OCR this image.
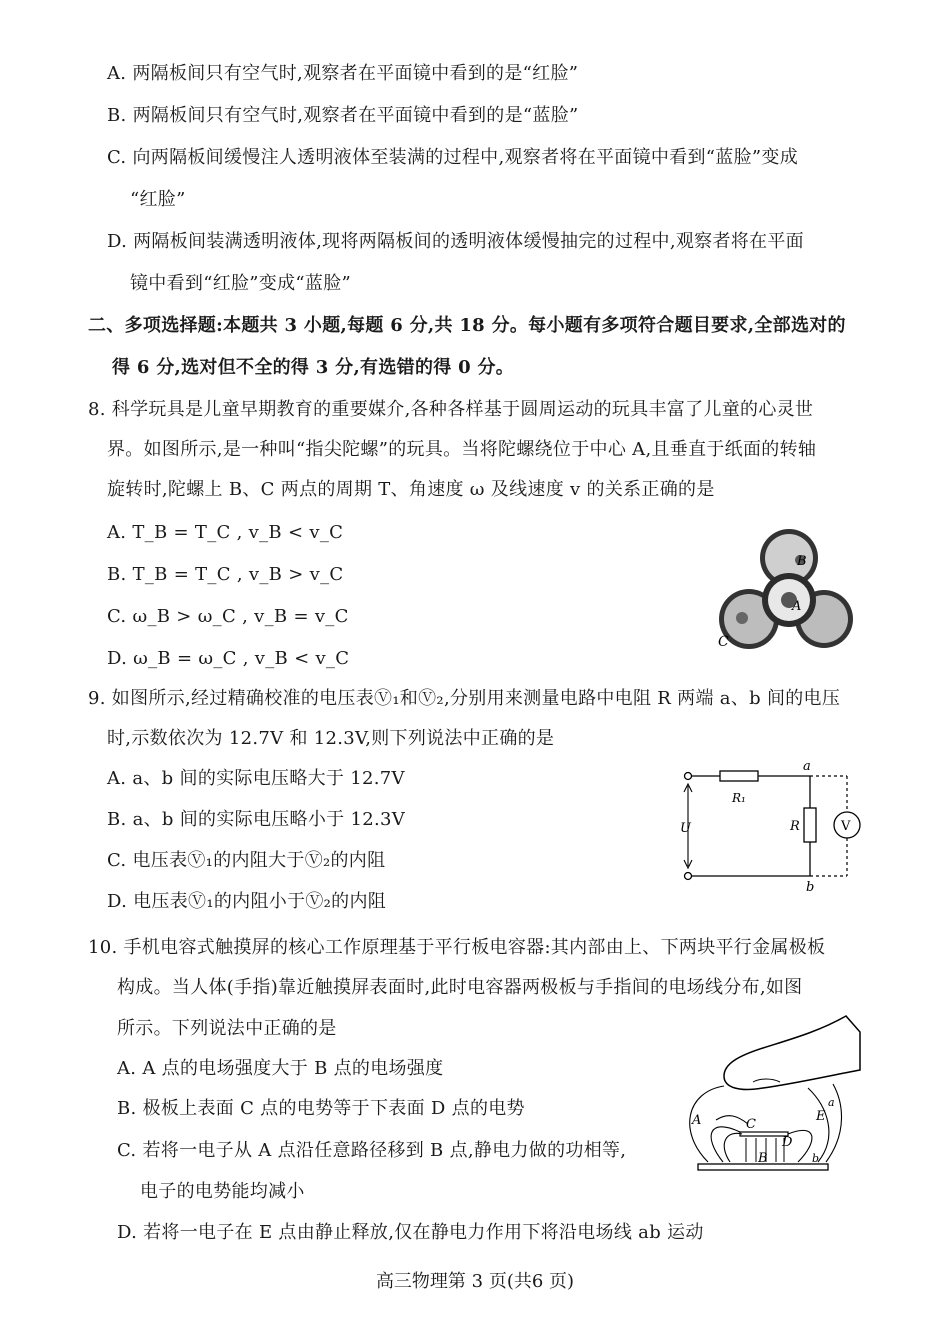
A. 两隔板间只有空气时,观察者在平面镜中看到的是“红脸”
B. 两隔板间只有空气时,观察者在平面镜中看到的是“蓝脸”
C. 向两隔板间缓慢注人透明液体至装满的过程中,观察者将在平面镜中看到“蓝脸”变成
“红脸”
D. 两隔板间装满透明液体,现将两隔板间的透明液体缓慢抽完的过程中,观察者将在平面
镜中看到“红脸”变成“蓝脸”
二、多项选择题:本题共 3 小题,每题 6 分,共 18 分。每小题有多项符合题目要求,全部选对的
得 6 分,选对但不全的得 3 分,有选错的得 0 分。
8. 科学玩具是儿童早期教育的重要媒介,各种各样基于圆周运动的玩具丰富了儿童的心灵世
界。如图所示,是一种叫“指尖陀螺”的玩具。当将陀螺绕位于中心 A,且垂直于纸面的转轴
旋转时,陀螺上 B、C 两点的周期 T、角速度 ω 及线速度 v 的关系正确的是
A. T_B = T_C , v_B < v_C
B. T_B = T_C , v_B > v_C
C. ω_B > ω_C , v_B = v_C
D. ω_B = ω_C , v_B < v_C
B
A
C
9. 如图所示,经过精确校准的电压表Ⓥ₁和Ⓥ₂,分别用来测量电路中电阻 R 两端 a、b 间的电压
时,示数依次为 12.7V 和 12.3V,则下列说法中正确的是
A. a、b 间的实际电压略大于 12.7V
B. a、b 间的实际电压略小于 12.3V
C. 电压表Ⓥ₁的内阻大于Ⓥ₂的内阻
D. 电压表Ⓥ₁的内阻小于Ⓥ₂的内阻
V
U
R₁
R
a
b
10. 手机电容式触摸屏的核心工作原理基于平行板电容器:其内部由上、下两块平行金属极板
构成。当人体(手指)靠近触摸屏表面时,此时电容器两极板与手指间的电场线分布,如图
所示。下列说法中正确的是
A. A 点的电场强度大于 B 点的电场强度
B. 极板上表面 C 点的电势等于下表面 D 点的电势
C. 若将一电子从 A 点沿任意路径移到 B 点,静电力做的功相等,
电子的电势能均减小
D. 若将一电子在 E 点由静止释放,仅在静电力作用下将沿电场线 ab 运动
A	C
D
B
E
a
b
高三物理第 3 页(共6 页)
